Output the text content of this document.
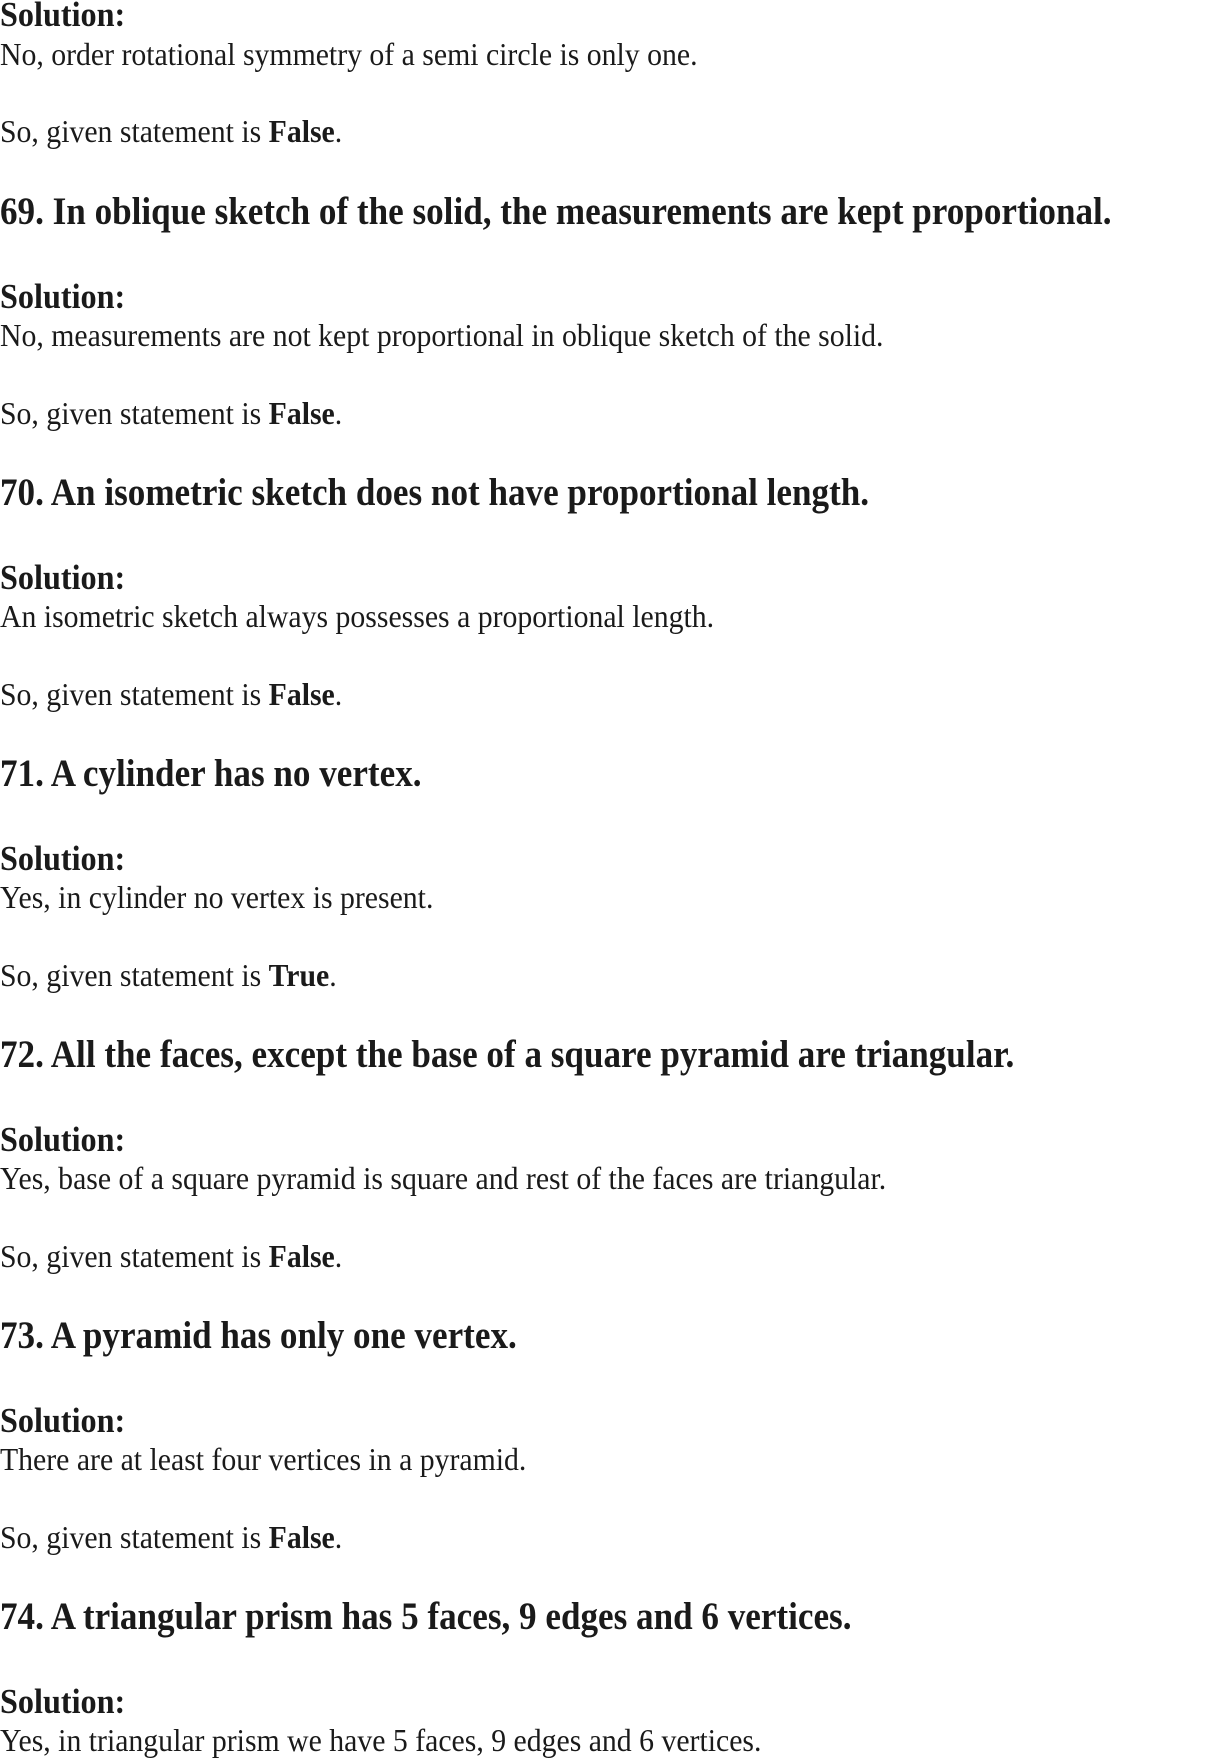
Solution:
No, order rotational symmetry of a semi circle is only one.
So, given statement is False.
69. In oblique sketch of the solid, the measurements are kept proportional.
Solution:
No, measurements are not kept proportional in oblique sketch of the solid.
So, given statement is False.
70. An isometric sketch does not have proportional length.
Solution:
An isometric sketch always possesses a proportional length.
So, given statement is False.
71. A cylinder has no vertex.
Solution:
Yes, in cylinder no vertex is present.
So, given statement is True.
72. All the faces, except the base of a square pyramid are triangular.
Solution:
Yes, base of a square pyramid is square and rest of the faces are triangular.
So, given statement is False.
73. A pyramid has only one vertex.
Solution:
There are at least four vertices in a pyramid.
So, given statement is False.
74. A triangular prism has 5 faces, 9 edges and 6 vertices.
Solution:
Yes, in triangular prism we have 5 faces, 9 edges and 6 vertices.
